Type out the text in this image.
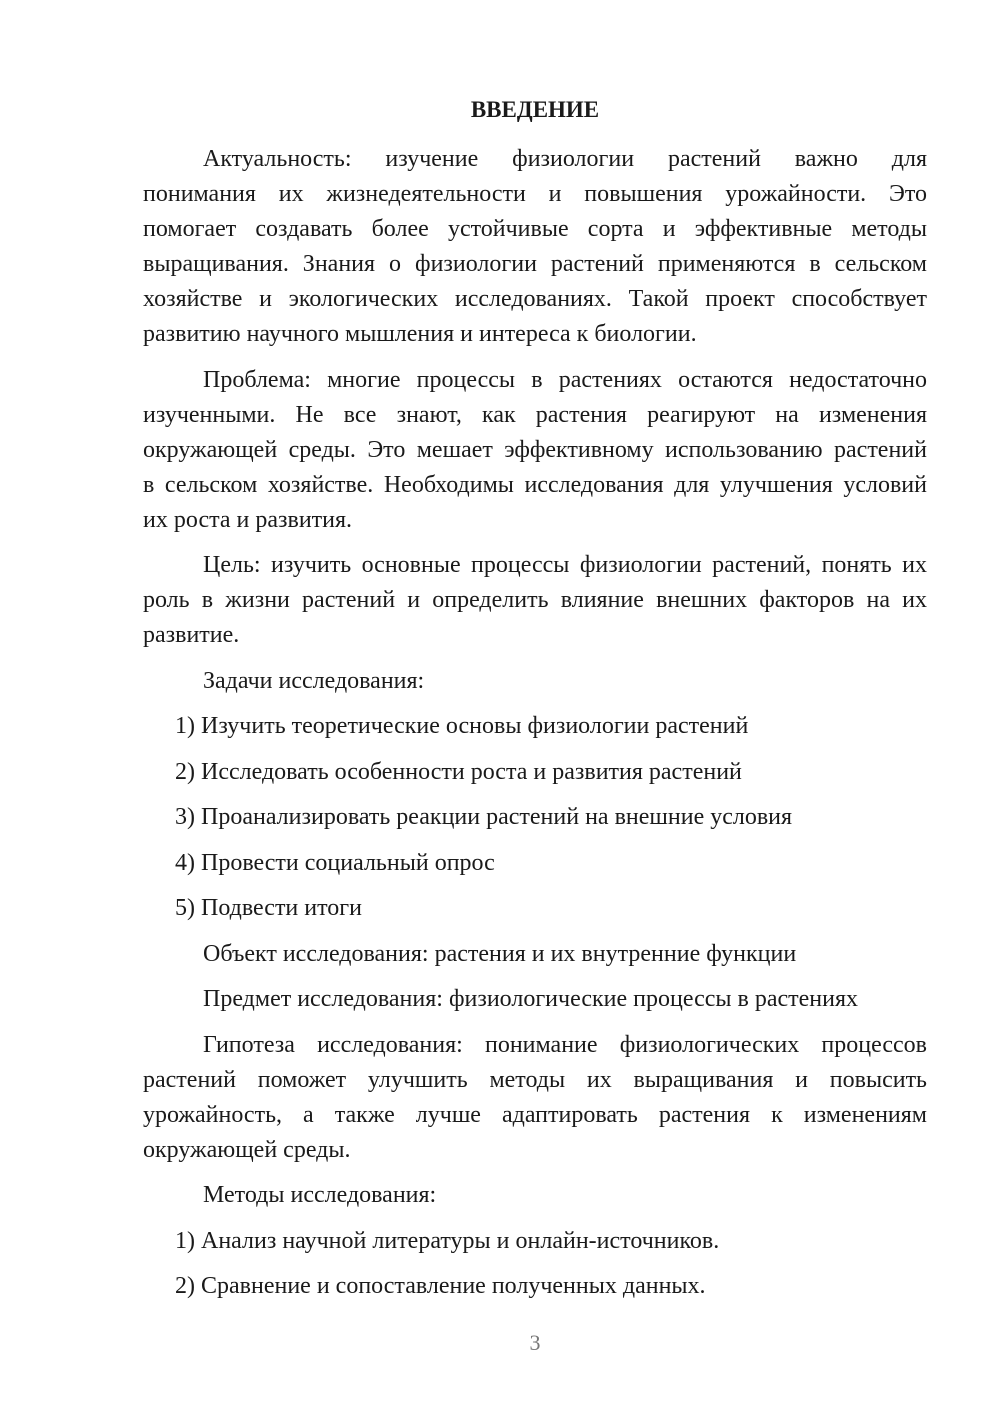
ВВЕДЕНИЕ
Актуальность: изучение физиологии растений важно для
понимания их жизнедеятельности и повышения урожайности. Это
помогает создавать более устойчивые сорта и эффективные методы
выращивания. Знания о физиологии растений применяются в сельском
хозяйстве и экологических исследованиях. Такой проект способствует
развитию научного мышления и интереса к биологии.
Проблема: многие процессы в растениях остаются недостаточно
изученными. Не все знают, как растения реагируют на изменения
окружающей среды. Это мешает эффективному использованию растений
в сельском хозяйстве. Необходимы исследования для улучшения условий
их роста и развития.
Цель: изучить основные процессы физиологии растений, понять их
роль в жизни растений и определить влияние внешних факторов на их
развитие.
Задачи исследования:
1) Изучить теоретические основы физиологии растений
2) Исследовать особенности роста и развития растений
3) Проанализировать реакции растений на внешние условия
4) Провести социальный опрос
5) Подвести итоги
Объект исследования: растения и их внутренние функции
Предмет исследования: физиологические процессы в растениях
Гипотеза исследования: понимание физиологических процессов
растений поможет улучшить методы их выращивания и повысить
урожайность, а также лучше адаптировать растения к изменениям
окружающей среды.
Методы исследования:
1) Анализ научной литературы и онлайн-источников.
2) Сравнение и сопоставление полученных данных.
3
